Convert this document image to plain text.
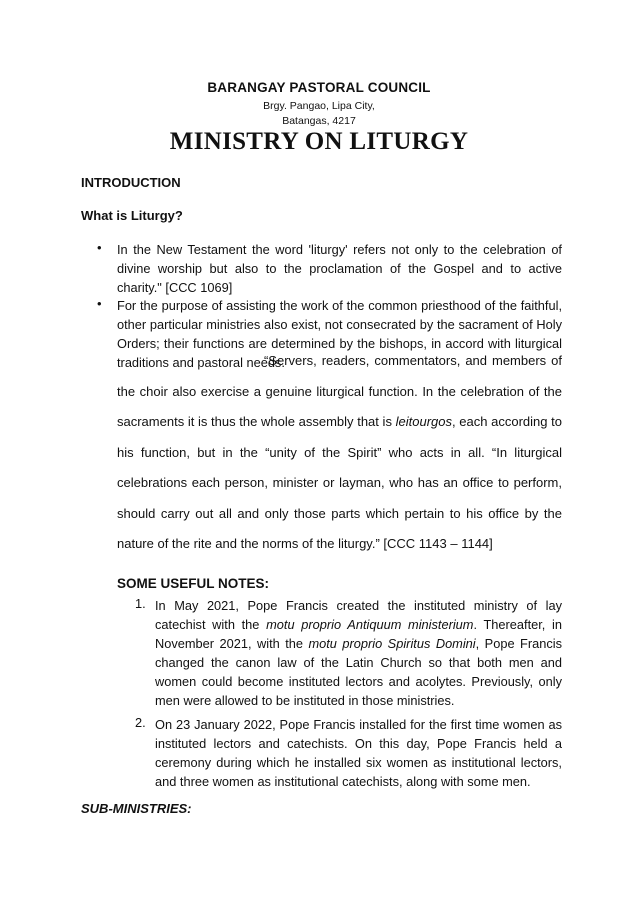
BARANGAY PASTORAL COUNCIL
Brgy. Pangao, Lipa City,
Batangas, 4217
MINISTRY ON LITURGY
INTRODUCTION
What is Liturgy?
• In the New Testament the word 'liturgy' refers not only to the celebration of divine worship but also to the proclamation of the Gospel and to active charity." [CCC 1069]
• For the purpose of assisting the work of the common priesthood of the faithful, other particular ministries also exist, not consecrated by the sacrament of Holy Orders; their functions are determined by the bishops, in accord with liturgical traditions and pastoral needs.
“Servers, readers, commentators, and members of the choir also exercise a genuine liturgical function. In the celebration of the sacraments it is thus the whole assembly that is leitourgos, each according to his function, but in the “unity of the Spirit” who acts in all. “In liturgical celebrations each person, minister or layman, who has an office to perform, should carry out all and only those parts which pertain to his office by the nature of the rite and the norms of the liturgy.” [CCC 1143 – 1144]
SOME USEFUL NOTES:
1. In May 2021, Pope Francis created the instituted ministry of lay catechist with the motu proprio Antiquum ministerium. Thereafter, in November 2021, with the motu proprio Spiritus Domini, Pope Francis changed the canon law of the Latin Church so that both men and women could become instituted lectors and acolytes. Previously, only men were allowed to be instituted in those ministries.
2. On 23 January 2022, Pope Francis installed for the first time women as instituted lectors and catechists. On this day, Pope Francis held a ceremony during which he installed six women as institutional lectors, and three women as institutional catechists, along with some men.
SUB-MINISTRIES:
